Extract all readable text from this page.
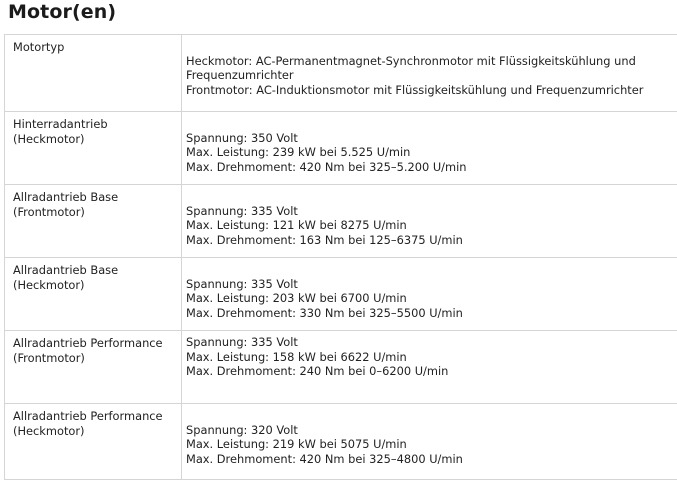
Motor(en)
Motortyp	Heckmotor: AC-Permanentmagnet-Synchronmotor mit Flüssigkeitskühlung und Frequenzumrichter
Frontmotor: AC-Induktionsmotor mit Flüssigkeitskühlung und Frequenzumrichter

Hinterradantrieb
(Heckmotor)	Spannung: 350 Volt
Max. Leistung: 239 kW bei 5.525 U/min
Max. Drehmoment: 420 Nm bei 325–5.200 U/min

Allradantrieb Base
(Frontmotor)	Spannung: 335 Volt
Max. Leistung: 121 kW bei 8275 U/min
Max. Drehmoment: 163 Nm bei 125–6375 U/min

Allradantrieb Base
(Heckmotor)	Spannung: 335 Volt
Max. Leistung: 203 kW bei 6700 U/min
Max. Drehmoment: 330 Nm bei 325–5500 U/min

Allradantrieb Performance
(Frontmotor)	Spannung: 335 Volt
Max. Leistung: 158 kW bei 6622 U/min
Max. Drehmoment: 240 Nm bei 0–6200 U/min

Allradantrieb Performance
(Heckmotor)	Spannung: 320 Volt
Max. Leistung: 219 kW bei 5075 U/min
Max. Drehmoment: 420 Nm bei 325–4800 U/min
